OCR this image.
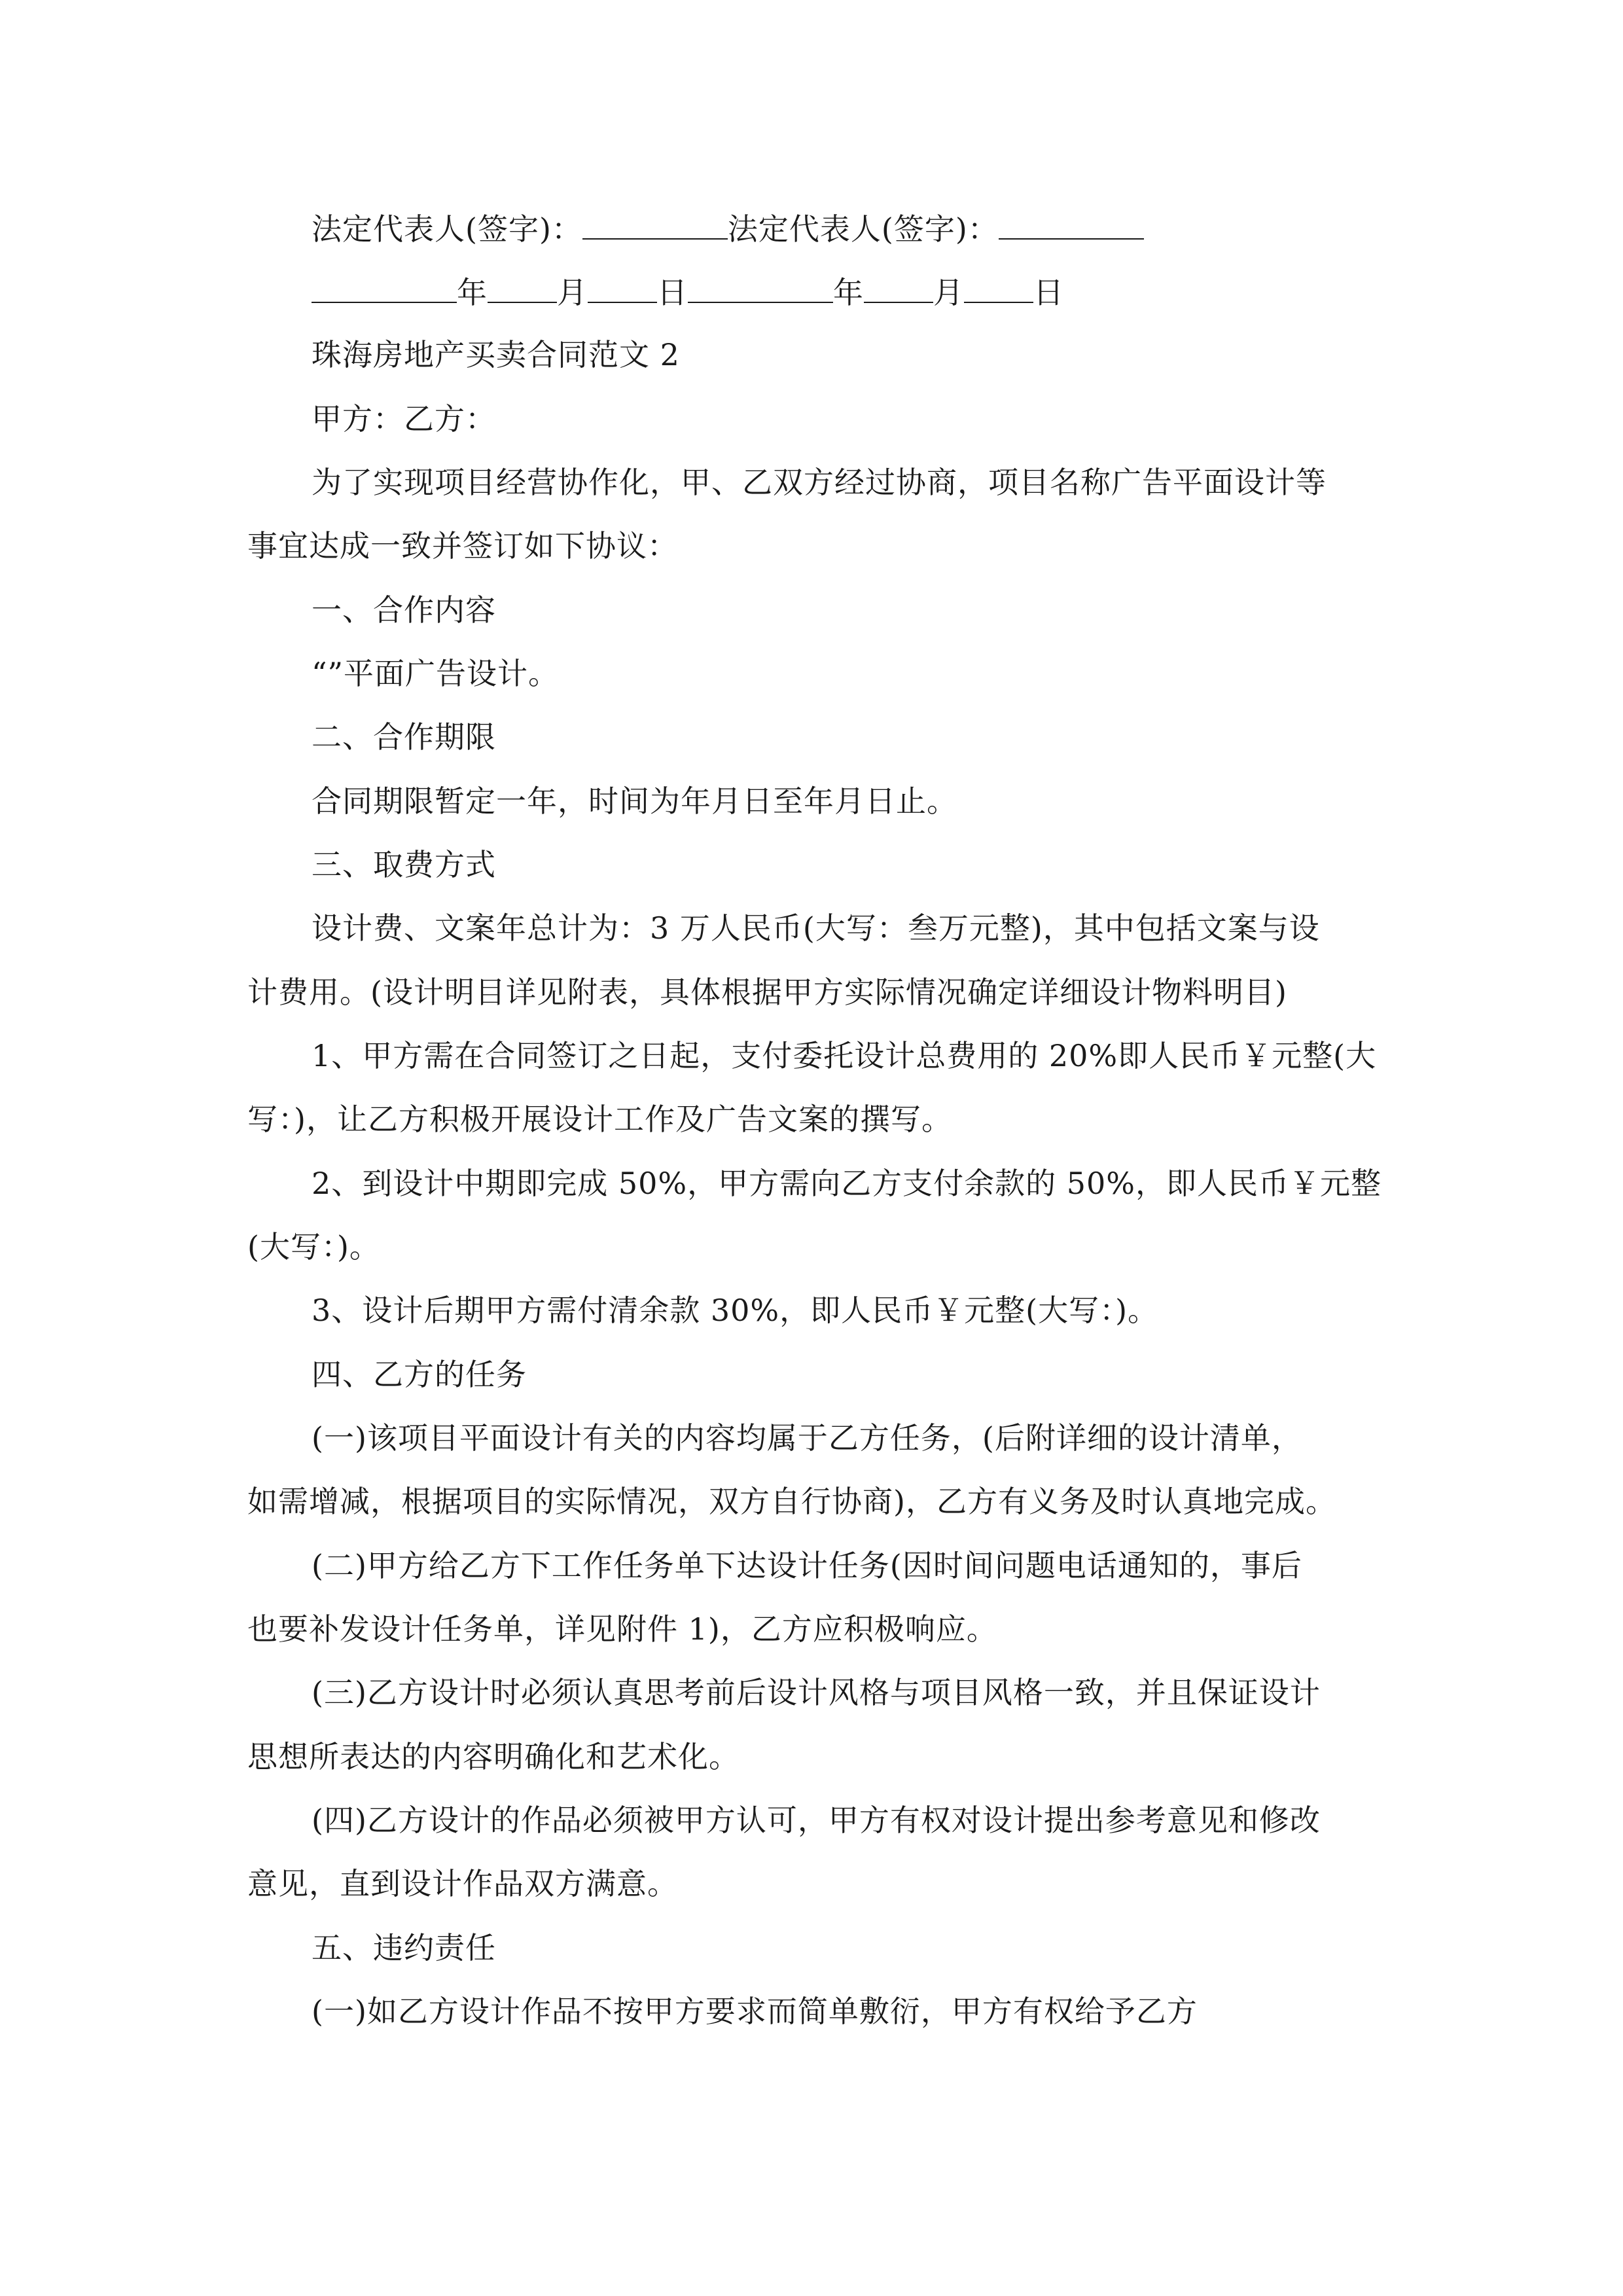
法定代表人(签字)：	法定代表人(签字)：
年 月 日	年 月 日
珠海房地产买卖合同范文 2
甲方：乙方：
为了实现项目经营协作化，甲、乙双方经过协商，项目名称广告平面设计等
事宜达成一致并签订如下协议：
一、合作内容
“”平面广告设计。
二、合作期限
合同期限暂定一年，时间为年月日至年月日止。
三、取费方式
设计费、文案年总计为：3 万人民币(大写：叁万元整)，其中包括文案与设
计费用。(设计明目详见附表，具体根据甲方实际情况确定详细设计物料明目)
1、甲方需在合同签订之日起，支付委托设计总费用的 20%即人民币￥元整(大
写：)，让乙方积极开展设计工作及广告文案的撰写。
2、到设计中期即完成 50%，甲方需向乙方支付余款的 50%，即人民币￥元整
(大写：)。
3、设计后期甲方需付清余款 30%，即人民币￥元整(大写：)。
四、乙方的任务
(一)该项目平面设计有关的内容均属于乙方任务，(后附详细的设计清单，
如需增减，根据项目的实际情况，双方自行协商)，乙方有义务及时认真地完成。
(二)甲方给乙方下工作任务单下达设计任务(因时间问题电话通知的，事后
也要补发设计任务单，详见附件 1)，乙方应积极响应。
(三)乙方设计时必须认真思考前后设计风格与项目风格一致，并且保证设计
思想所表达的内容明确化和艺术化。
(四)乙方设计的作品必须被甲方认可，甲方有权对设计提出参考意见和修改
意见，直到设计作品双方满意。
五、违约责任
(一)如乙方设计作品不按甲方要求而简单敷衍，甲方有权给予乙方
